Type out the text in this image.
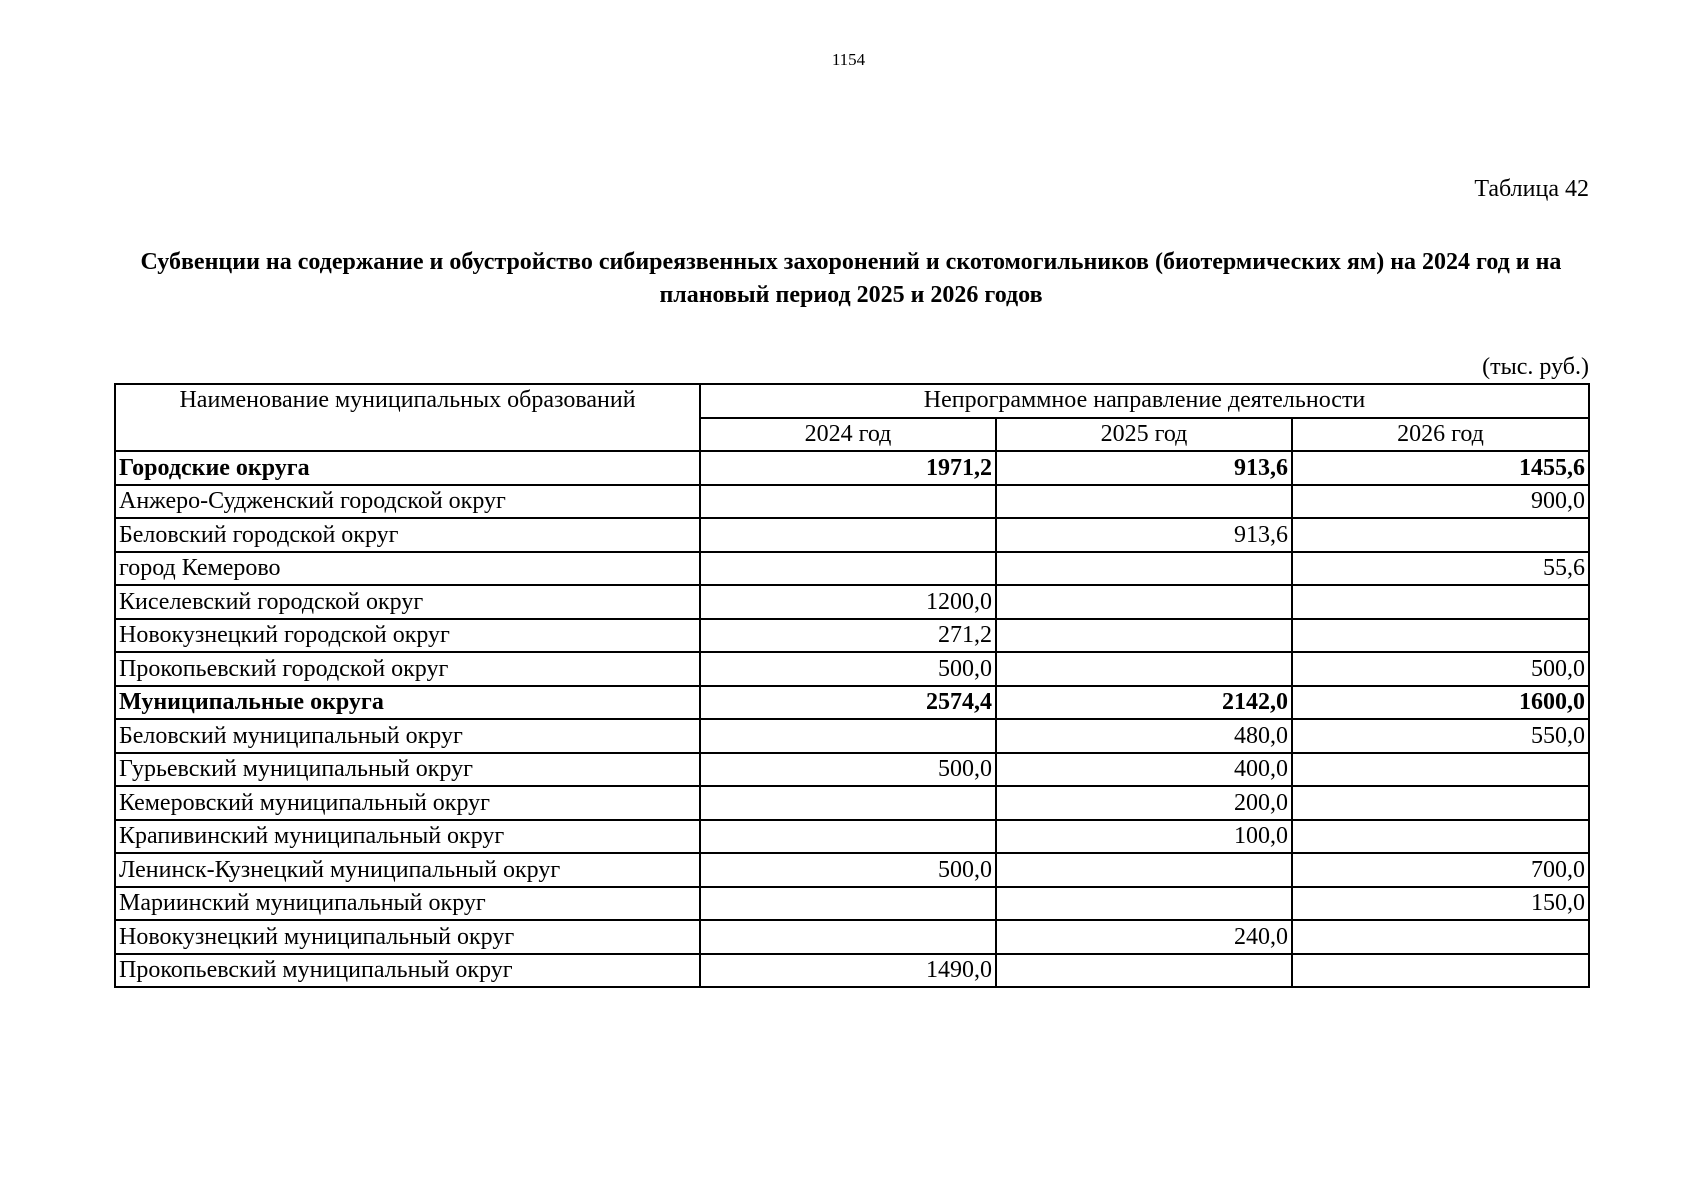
1154
Таблица 42
Субвенции на содержание и обустройство сибиреязвенных захоронений и скотомогильников (биотермических ям) на 2024 год и на плановый период 2025 и 2026 годов
(тыс. руб.)
Наименование муниципальных образований	Непрограммное направление деятельности		
	2024 год	2025 год	2026 год
Городские округа	1971,2	913,6	1455,6
Анжеро-Судженский городской округ			900,0
Беловский городской округ		913,6	
город Кемерово			55,6
Киселевский городской округ	1200,0		
Новокузнецкий городской округ	271,2		
Прокопьевский городской округ	500,0		500,0
Муниципальные округа	2574,4	2142,0	1600,0
Беловский муниципальный округ		480,0	550,0
Гурьевский муниципальный округ	500,0	400,0	
Кемеровский муниципальный округ		200,0	
Крапивинский муниципальный округ		100,0	
Ленинск-Кузнецкий муниципальный округ	500,0		700,0
Мариинский муниципальный округ			150,0
Новокузнецкий муниципальный округ		240,0	
Прокопьевский муниципальный округ	1490,0		
